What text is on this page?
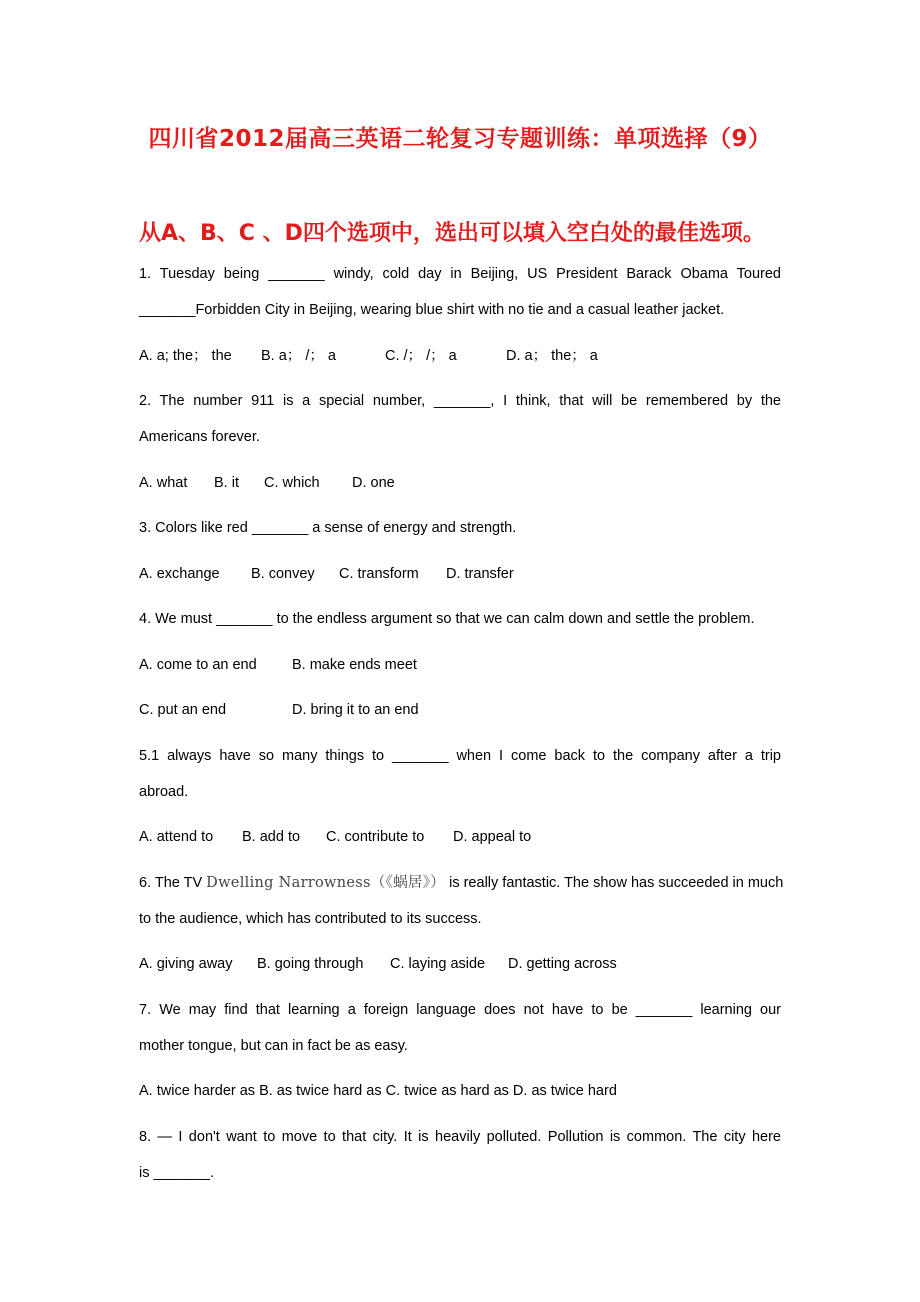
四川省2012届高三英语二轮复习专题训练：单项选择（9）
从A、B、C 、D四个选项中，选出可以填入空白处的最佳选项。
1. Tuesday being _______ windy, cold day in Beijing, US President Barack Obama Toured
_______Forbidden City in Beijing, wearing blue shirt with no tie and a casual leather jacket.
A. a; the； the B. a； /； a	C. /； /； a	D. a； the； a
2. The number 911 is a special number, _______, I think, that will be remembered by the
Americans forever.
A. what B. it C. which D. one
3. Colors like red _______ a sense of energy and strength.
A. exchange B. convey C. transform D. transfer
4. We must _______ to the endless argument so that we can calm down and settle the problem.
A. come to an end B. make ends meet
C. put an end	D. bring it to an end
5.1 always have so many things to _______ when I come back to the company after a trip
abroad.
A. attend to B. add to C. contribute to D. appeal to
6. The TV Dwelling Narrowness（《蜗居》） is really fantastic. The show has succeeded in much
to the audience, which has contributed to its success.
A. giving away B. going through C. laying aside D. getting across
7. We may find that learning a foreign language does not have to be _______ learning our
mother tongue, but can in fact be as easy.
A. twice harder as B. as twice hard as C. twice as hard as D. as twice hard
8. — I don't want to move to that city. It is heavily polluted. Pollution is common. The city here
is _______.
